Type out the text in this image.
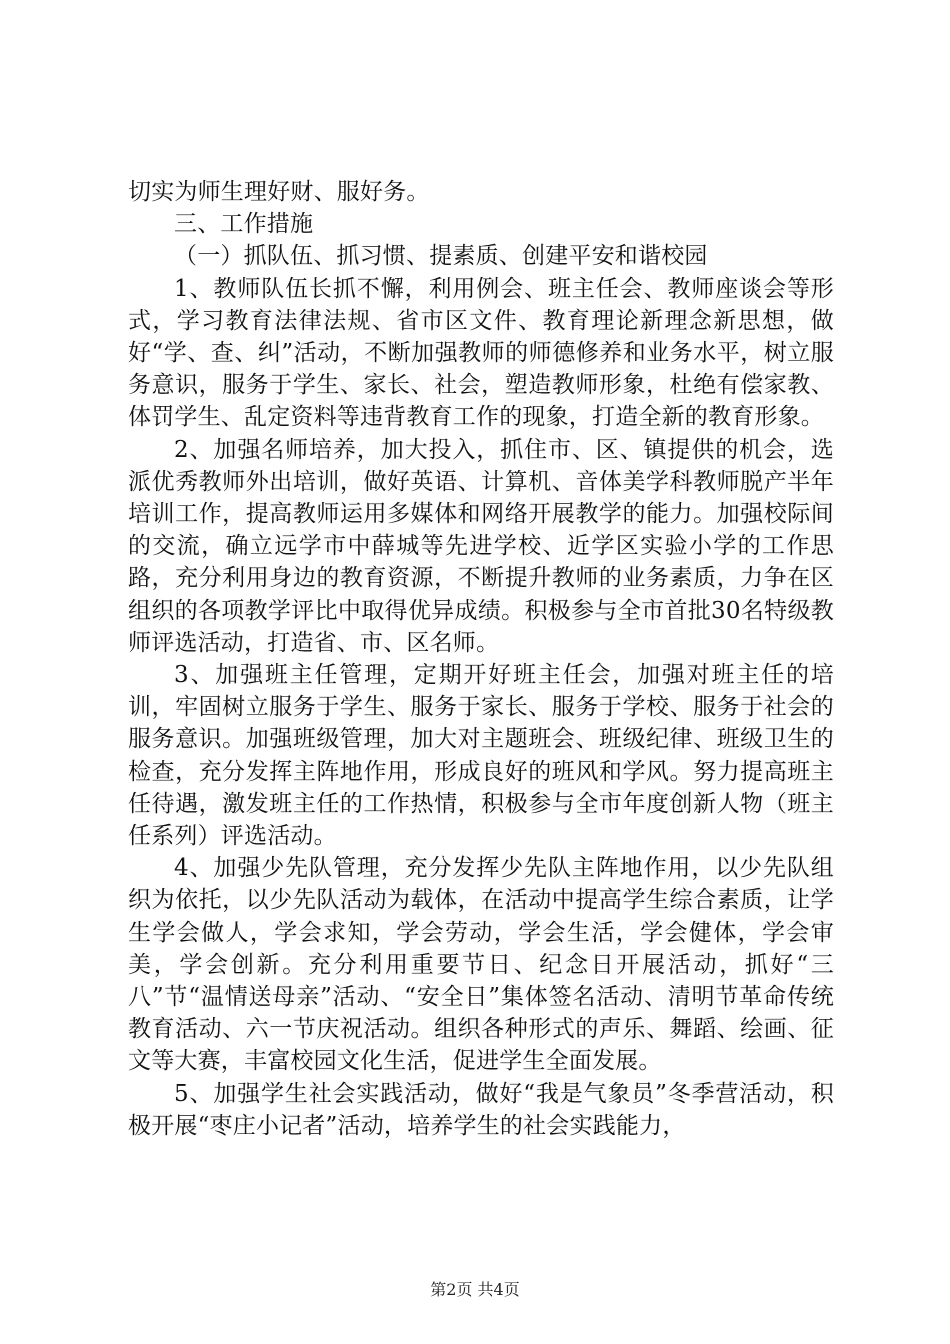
切实为师生理好财、服好务。

三、工作措施

（一）抓队伍、抓习惯、提素质、创建平安和谐校园

1、教师队伍长抓不懈，利用例会、班主任会、教师座谈会等形式，学习教育法律法规、省市区文件、教育理论新理念新思想，做好“学、查、纠”活动，不断加强教师的师德修养和业务水平，树立服务意识，服务于学生、家长、社会，塑造教师形象，杜绝有偿家教、体罚学生、乱定资料等违背教育工作的现象，打造全新的教育形象。

2、加强名师培养，加大投入，抓住市、区、镇提供的机会，选派优秀教师外出培训，做好英语、计算机、音体美学科教师脱产半年培训工作，提高教师运用多媒体和网络开展教学的能力。加强校际间的交流，确立远学市中薛城等先进学校、近学区实验小学的工作思路，充分利用身边的教育资源，不断提升教师的业务素质，力争在区组织的各项教学评比中取得优异成绩。积极参与全市首批30名特级教师评选活动，打造省、市、区名师。

3、加强班主任管理，定期开好班主任会，加强对班主任的培训，牢固树立服务于学生、服务于家长、服务于学校、服务于社会的服务意识。加强班级管理，加大对主题班会、班级纪律、班级卫生的检查，充分发挥主阵地作用，形成良好的班风和学风。努力提高班主任待遇，激发班主任的工作热情，积极参与全市年度创新人物（班主任系列）评选活动。

4、加强少先队管理，充分发挥少先队主阵地作用，以少先队组织为依托，以少先队活动为载体，在活动中提高学生综合素质，让学生学会做人，学会求知，学会劳动，学会生活，学会健体，学会审美，学会创新。充分利用重要节日、纪念日开展活动，抓好“三八”节“温情送母亲”活动、“安全日”集体签名活动、清明节革命传统教育活动、六一节庆祝活动。组织各种形式的声乐、舞蹈、绘画、征文等大赛，丰富校园文化生活，促进学生全面发展。

5、加强学生社会实践活动，做好“我是气象员”冬季营活动，积极开展“枣庄小记者”活动，培养学生的社会实践能力，

第2页 共4页
